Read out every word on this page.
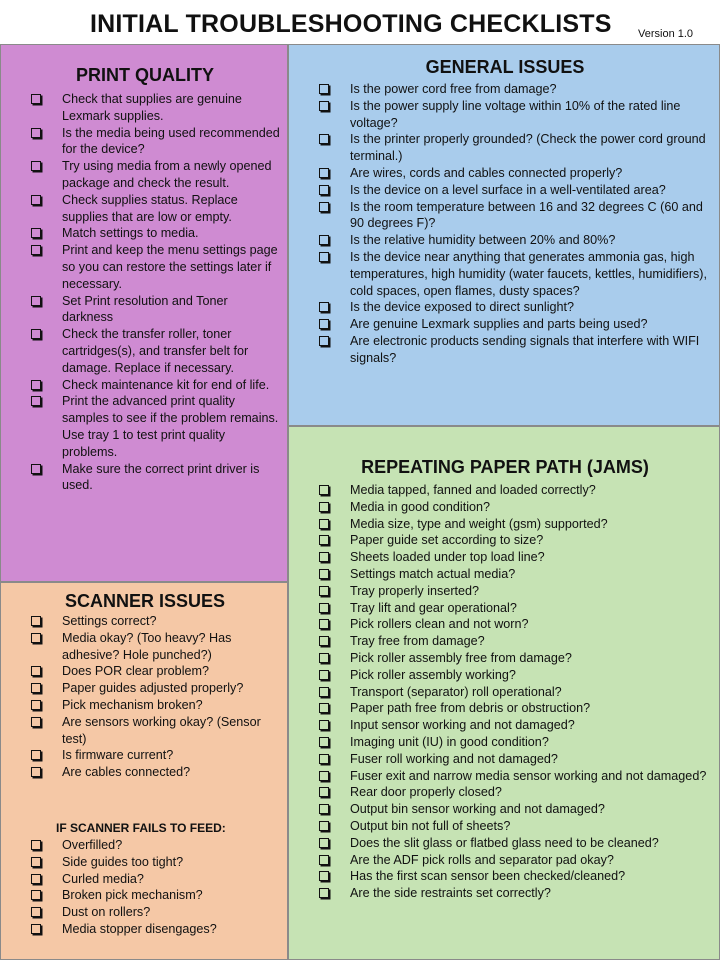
INITIAL TROUBLESHOOTING CHECKLISTS Version 1.0
PRINT QUALITY
Check that supplies are genuine Lexmark supplies.
Is the media being used recommended for the device?
Try using media from a newly opened package and check the result.
Check supplies status. Replace supplies that are low or empty.
Match settings to media.
Print and keep the menu settings page so you can restore the settings later if necessary.
Set Print resolution and Toner darkness
Check the transfer roller, toner cartridges(s), and transfer belt for damage. Replace if necessary.
Check maintenance kit for end of life.
Print the advanced print quality samples to see if the problem remains. Use tray 1 to test print quality problems.
Make sure the correct print driver is used.
GENERAL ISSUES
Is the power cord free from damage?
Is the power supply line voltage within 10% of the rated line voltage?
Is the printer properly grounded? (Check the power cord ground terminal.)
Are wires, cords and cables connected properly?
Is the device on a level surface in a well-ventilated area?
Is the room temperature between 16 and 32 degrees C (60 and 90 degrees F)?
Is the relative humidity between 20% and 80%?
Is the device near anything that generates ammonia gas, high temperatures, high humidity (water faucets, kettles, humidifiers), cold spaces, open flames, dusty spaces?
Is the device exposed to direct sunlight?
Are genuine Lexmark supplies and parts being used?
Are electronic products sending signals that interfere with WIFI signals?
SCANNER ISSUES
Settings correct?
Media okay? (Too heavy? Has adhesive? Hole punched?)
Does POR clear problem?
Paper guides adjusted properly?
Pick mechanism broken?
Are sensors working okay? (Sensor test)
Is firmware current?
Are cables connected?
IF SCANNER FAILS TO FEED:
Overfilled?
Side guides too tight?
Curled media?
Broken pick mechanism?
Dust on rollers?
Media stopper disengages?
REPEATING PAPER PATH (JAMS)
Media tapped, fanned and loaded correctly?
Media in good condition?
Media size, type and weight (gsm) supported?
Paper guide set according to size?
Sheets loaded under top load line?
Settings match actual media?
Tray properly inserted?
Tray lift and gear operational?
Pick rollers clean and not worn?
Tray free from damage?
Pick roller assembly free from damage?
Pick roller assembly working?
Transport (separator) roll operational?
Paper path free from debris or obstruction?
Input sensor working and not damaged?
Imaging unit (IU) in good condition?
Fuser roll working and not damaged?
Fuser exit and narrow media sensor working and not damaged?
Rear door properly closed?
Output bin sensor working and not damaged?
Output bin not full of sheets?
Does the slit glass or flatbed glass need to be cleaned?
Are the ADF pick rolls and separator pad okay?
Has the first scan sensor been checked/cleaned?
Are the side restraints set correctly?
